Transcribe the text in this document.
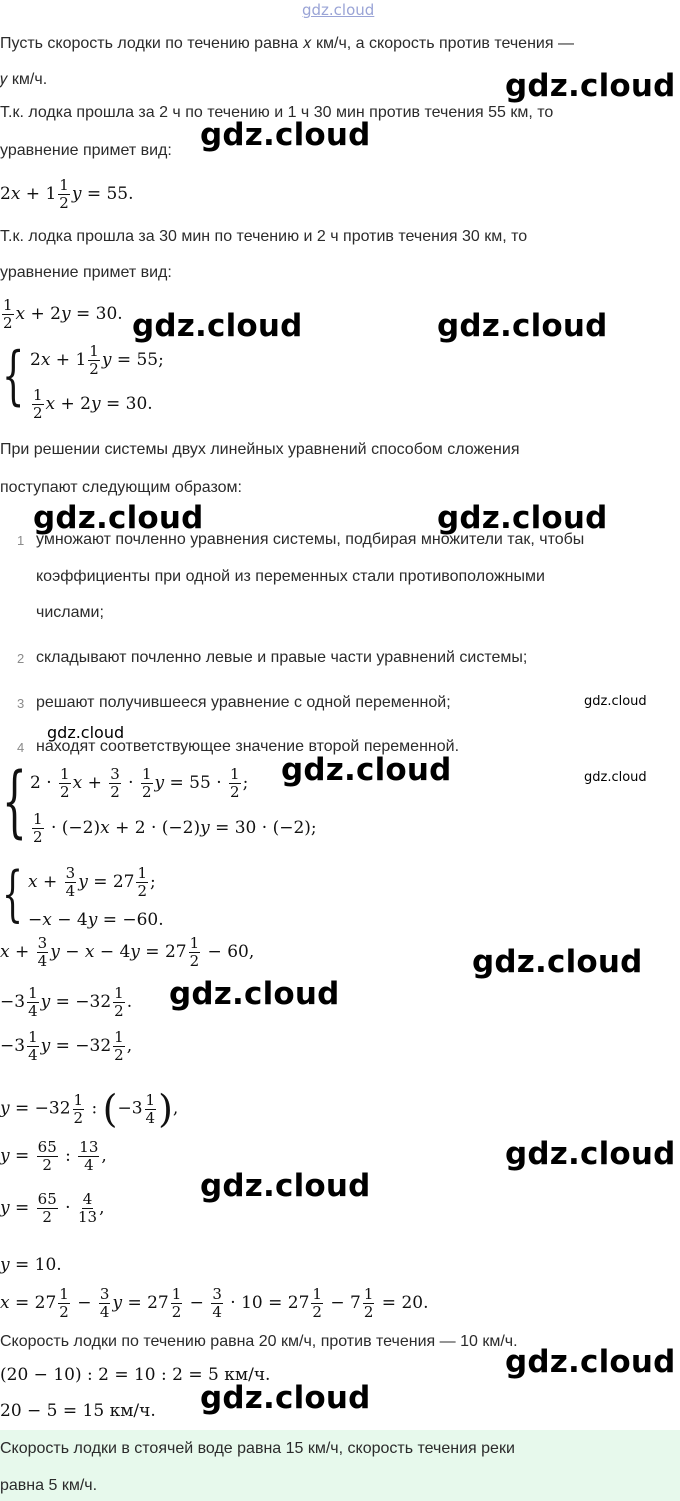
gdz.cloud
Пусть скорость лодки по течению равна 𝑥 км/ч, а скорость против течения —
𝑦 км/ч.
Т.к. лодка прошла за 2 ч по течению и 1 ч 30 мин против течения 55 км, то
уравнение примет вид:
2𝑥 + $1 \frac{1}{2}$ 𝑦 = 55.
Т.к. лодка прошла за 30 мин по течению и 2 ч против течения 30 км, то
уравнение примет вид:
$\frac{1}{2}$ 𝑥 + 2𝑦 = 30.
{ 2𝑥 + $1 \frac{1}{2}$ 𝑦 = 55;
$\frac{1}{2}$ 𝑥 + 2𝑦 = 30.
При решении системы двух линейных уравнений способом сложения
поступают следующим образом:
1 умножают почленно уравнения системы, подбирая множители так, чтобы
коэффициенты при одной из переменных стали противоположными
числами;
2 складывают почленно левые и правые части уравнений системы;
3 решают получившееся уравнение с одной переменной;
4 находят соответствующее значение второй переменной.
{ $2 \cdot \frac{1}{2}$ 𝑥 + $\frac{3}{2} \cdot \frac{1}{2}$ 𝑦 = $55 \cdot \frac{1}{2}$ ;
$\frac{1}{2}$ · (−2)𝑥 + 2 · (−2)𝑦 = 30 · (−2);
{ 𝑥 + $\frac{3}{4}$ 𝑦 = $27 \frac{1}{2}$ ;
−𝑥 − 4𝑦 = −60.
𝑥 + $\frac{3}{4}$ 𝑦 − 𝑥 − 4𝑦 = $27 \frac{1}{2} - 60$,
$-3 \frac{1}{4}$ 𝑦 = $-32 \frac{1}{2}$ .
$-3 \frac{1}{4}$ 𝑦 = $-32 \frac{1}{2}$ ,
𝑦 = $-32 \frac{1}{2}$ : ($-3 \frac{1}{4}$ ),
𝑦 = $\frac{65}{2}$ : $\frac{13}{4}$ ,
𝑦 = $\frac{65}{2} \cdot \frac{4}{13}$ ,
𝑦 = 10.
𝑥 = $27 \frac{1}{2} - \frac{3}{4}$ 𝑦 = $27 \frac{1}{2} - \frac{3}{4} \cdot 10 = 27 \frac{1}{2} - 7 \frac{1}{2} = 20$.
Скорость лодки по течению равна 20 км/ч, против течения — 10 км/ч.
(20 − 10) : 2 = 10 : 2 = 5 км/ч.
20 − 5 = 15 км/ч.
Скорость лодки в стоячей воде равна 15 км/ч, скорость течения реки
равна 5 км/ч.
gdz.cloud
gdz.cloud
gdz.cloud	gdz.cloud
gdz.cloud	gdz.cloud
gdz.cloud
gdz.cloud
gdz.cloud	gdz.cloud
gdz.cloud
gdz.cloud
gdz.cloud
gdz.cloud
gdz.cloud
gdz.cloud
